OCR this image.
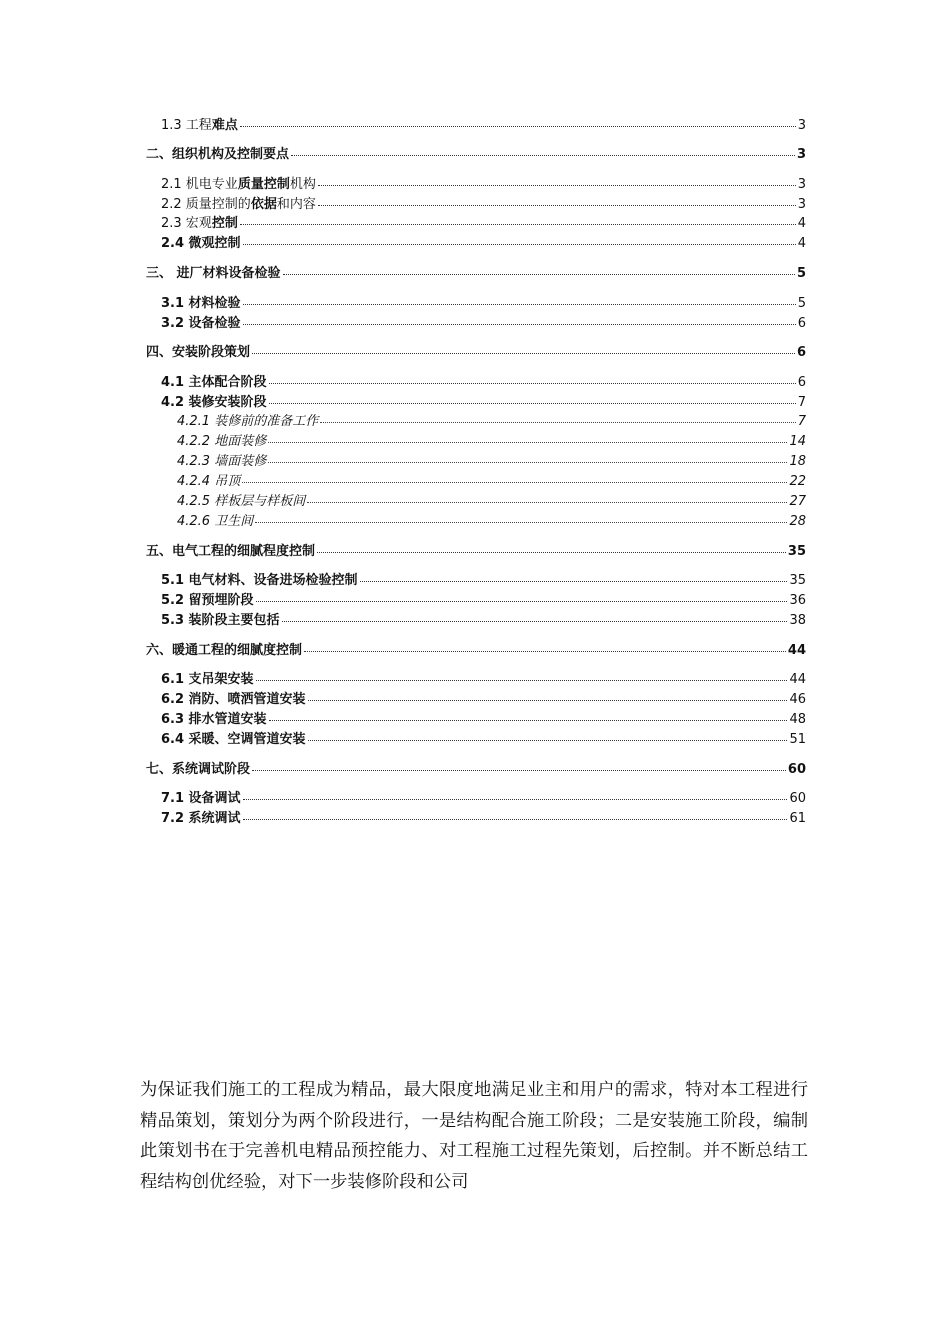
1.3 工程难点	3
二、组织机构及控制要点	3
2.1 机电专业质量控制机构	3
2.2 质量控制的依据和内容	3
2.3 宏观控制	4
2.4 微观控制	4
三、 进厂材料设备检验	5
3.1 材料检验	5
3.2 设备检验	6
四、安装阶段策划	6
4.1 主体配合阶段	6
4.2 装修安装阶段	7
4.2.1 装修前的准备工作	7
4.2.2 地面装修	14
4.2.3 墙面装修	18
4.2.4 吊顶	22
4.2.5 样板层与样板间	27
4.2.6 卫生间	28
五、电气工程的细腻程度控制	35
5.1 电气材料、设备进场检验控制	35
5.2 留预埋阶段	36
5.3 装阶段主要包括	38
六、暖通工程的细腻度控制	44
6.1 支吊架安装	44
6.2 消防、喷洒管道安装	46
6.3 排水管道安装	48
6.4 采暖、空调管道安装	51
七、系统调试阶段	60
7.1 设备调试	60
7.2 系统调试	61

为保证我们施工的工程成为精品，最大限度地满足业主和用户的需求，特对本工程进行精品策划，策划分为两个阶段进行，一是结构配合施工阶段；二是安装施工阶段，编制此策划书在于完善机电精品预控能力、对工程施工过程先策划，后控制。并不断总结工程结构创优经验，对下一步装修阶段和公司
